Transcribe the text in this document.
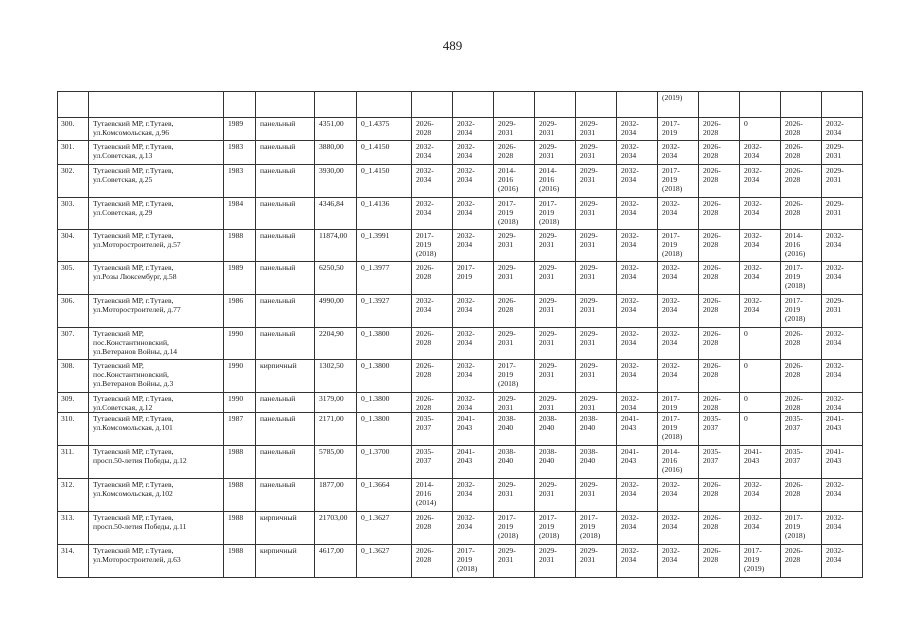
489
												(2019)				
300.	Тутаевский МР, г.Тутаев,
ул.Комсомольская, д.96	1989	панельный	4351,00	0_1.4375	2026-
2028	2032-
2034	2029-
2031	2029-
2031	2029-
2031	2032-
2034	2017-
2019	2026-
2028	0	2026-
2028	2032-
2034
301.	Тутаевский МР, г.Тутаев,
ул.Советская, д.13	1983	панельный	3880,00	0_1.4150	2032-
2034	2032-
2034	2026-
2028	2029-
2031	2029-
2031	2032-
2034	2032-
2034	2026-
2028	2032-
2034	2026-
2028	2029-
2031
302.	Тутаевский МР, г.Тутаев,
ул.Советская, д.25	1983	панельный	3930,00	0_1.4150	2032-
2034	2032-
2034	2014-
2016
(2016)	2014-
2016
(2016)	2029-
2031	2032-
2034	2017-
2019
(2018)	2026-
2028	2032-
2034	2026-
2028	2029-
2031
303.	Тутаевский МР, г.Тутаев,
ул.Советская, д.29	1984	панельный	4346,84	0_1.4136	2032-
2034	2032-
2034	2017-
2019
(2018)	2017-
2019
(2018)	2029-
2031	2032-
2034	2032-
2034	2026-
2028	2032-
2034	2026-
2028	2029-
2031
304.	Тутаевский МР, г.Тутаев,
ул.Моторостроителей, д.57	1988	панельный	11874,00	0_1.3991	2017-
2019
(2018)	2032-
2034	2029-
2031	2029-
2031	2029-
2031	2032-
2034	2017-
2019
(2018)	2026-
2028	2032-
2034	2014-
2016
(2016)	2032-
2034
305.	Тутаевский МР, г.Тутаев,
ул.Розы Люксембург, д.58	1989	панельный	6250,50	0_1.3977	2026-
2028	2017-
2019	2029-
2031	2029-
2031	2029-
2031	2032-
2034	2032-
2034	2026-
2028	2032-
2034	2017-
2019
(2018)	2032-
2034
306.	Тутаевский МР, г.Тутаев,
ул.Моторостроителей, д.77	1986	панельный	4990,00	0_1.3927	2032-
2034	2032-
2034	2026-
2028	2029-
2031	2029-
2031	2032-
2034	2032-
2034	2026-
2028	2032-
2034	2017-
2019
(2018)	2029-
2031
307.	Тутаевский МР,
пос.Константиновский,
ул.Ветеранов Войны, д.14	1990	панельный	2204,90	0_1.3800	2026-
2028	2032-
2034	2029-
2031	2029-
2031	2029-
2031	2032-
2034	2032-
2034	2026-
2028	0	2026-
2028	2032-
2034
308.	Тутаевский МР,
пос.Константиновский,
ул.Ветеранов Войны, д.3	1990	кирпичный	1302,50	0_1.3800	2026-
2028	2032-
2034	2017-
2019
(2018)	2029-
2031	2029-
2031	2032-
2034	2032-
2034	2026-
2028	0	2026-
2028	2032-
2034
309.	Тутаевский МР, г.Тутаев,
ул.Советская, д.12	1990	панельный	3179,00	0_1.3800	2026-
2028	2032-
2034	2029-
2031	2029-
2031	2029-
2031	2032-
2034	2017-
2019	2026-
2028	0	2026-
2028	2032-
2034
310.	Тутаевский МР, г.Тутаев,
ул.Комсомольская, д.101	1987	панельный	2171,00	0_1.3800	2035-
2037	2041-
2043	2038-
2040	2038-
2040	2038-
2040	2041-
2043	2017-
2019
(2018)	2035-
2037	0	2035-
2037	2041-
2043
311.	Тутаевский МР, г.Тутаев,
просп.50-летия Победы, д.12	1988	панельный	5785,00	0_1.3700	2035-
2037	2041-
2043	2038-
2040	2038-
2040	2038-
2040	2041-
2043	2014-
2016
(2016)	2035-
2037	2041-
2043	2035-
2037	2041-
2043
312.	Тутаевский МР, г.Тутаев,
ул.Комсомольская, д.102	1988	панельный	1877,00	0_1.3664	2014-
2016
(2014)	2032-
2034	2029-
2031	2029-
2031	2029-
2031	2032-
2034	2032-
2034	2026-
2028	2032-
2034	2026-
2028	2032-
2034
313.	Тутаевский МР, г.Тутаев,
просп.50-летия Победы, д.11	1988	кирпичный	21703,00	0_1.3627	2026-
2028	2032-
2034	2017-
2019
(2018)	2017-
2019
(2018)	2017-
2019
(2018)	2032-
2034	2032-
2034	2026-
2028	2032-
2034	2017-
2019
(2018)	2032-
2034
314.	Тутаевский МР, г.Тутаев,
ул.Моторостроителей, д.63	1988	кирпичный	4617,00	0_1.3627	2026-
2028	2017-
2019
(2018)	2029-
2031	2029-
2031	2029-
2031	2032-
2034	2032-
2034	2026-
2028	2017-
2019
(2019)	2026-
2028	2032-
2034
